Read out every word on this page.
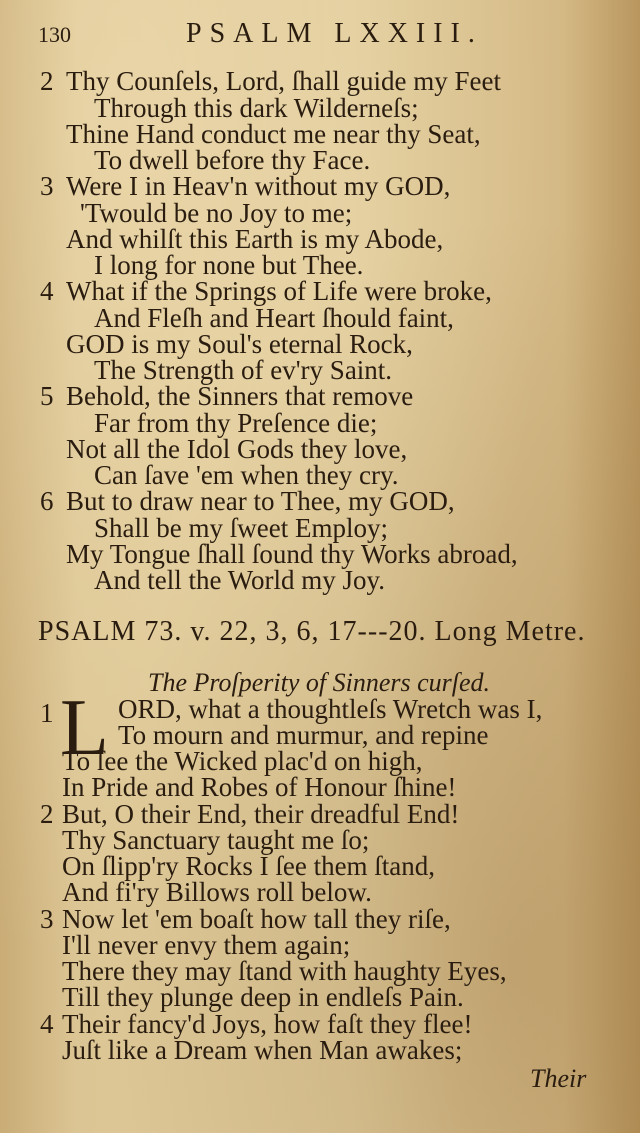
130	PSALM LXXIII.
2 Thy Counſels, Lord, ſhall guide my Feet
Through this dark Wilderneſs;
Thine Hand conduct me near thy Seat,
To dwell before thy Face.
3 Were I in Heav'n without my GOD,
'Twould be no Joy to me;
And whilſt this Earth is my Abode,
I long for none but Thee.
4 What if the Springs of Life were broke,
And Fleſh and Heart ſhould faint,
GOD is my Soul's eternal Rock,
The Strength of ev'ry Saint.
5 Behold, the Sinners that remove
Far from thy Preſence die;
Not all the Idol Gods they love,
Can ſave 'em when they cry.
6 But to draw near to Thee, my GOD,
Shall be my ſweet Employ;
My Tongue ſhall ſound thy Works abroad,
And tell the World my Joy.
PSALM 73. v. 22, 3, 6, 17---20. Long Metre.
The Proſperity of Sinners curſed.
1 L ORD, what a thoughtleſs Wretch was I,
To mourn and murmur, and repine
To ſee the Wicked plac'd on high,
In Pride and Robes of Honour ſhine!
2 But, O their End, their dreadful End!
Thy Sanctuary taught me ſo;
On ſlipp'ry Rocks I ſee them ſtand,
And fi'ry Billows roll below.
3 Now let 'em boaſt how tall they riſe,
I'll never envy them again;
There they may ſtand with haughty Eyes,
Till they plunge deep in endleſs Pain.
4 Their fancy'd Joys, how faſt they flee!
Juſt like a Dream when Man awakes;
Their
